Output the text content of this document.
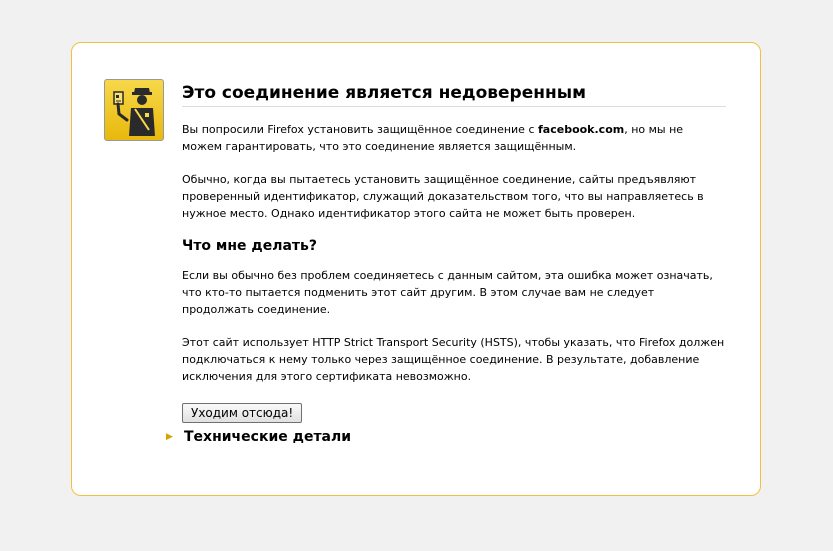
Это соединение является недоверенным

Вы попросили Firefox установить защищённое соединение с facebook.com, но мы не можем гарантировать, что это соединение является защищённым.

Обычно, когда вы пытаетесь установить защищённое соединение, сайты предъявляют проверенный идентификатор, служащий доказательством того, что вы направляетесь в нужное место. Однако идентификатор этого сайта не может быть проверен.

Что мне делать?

Если вы обычно без проблем соединяетесь с данным сайтом, эта ошибка может означать, что кто-то пытается подменить этот сайт другим. В этом случае вам не следует продолжать соединение.

Этот сайт использует HTTP Strict Transport Security (HSTS), чтобы указать, что Firefox должен подключаться к нему только через защищённое соединение. В результате, добавление исключения для этого сертификата невозможно.

Уходим отсюда!
▶ Технические детали
